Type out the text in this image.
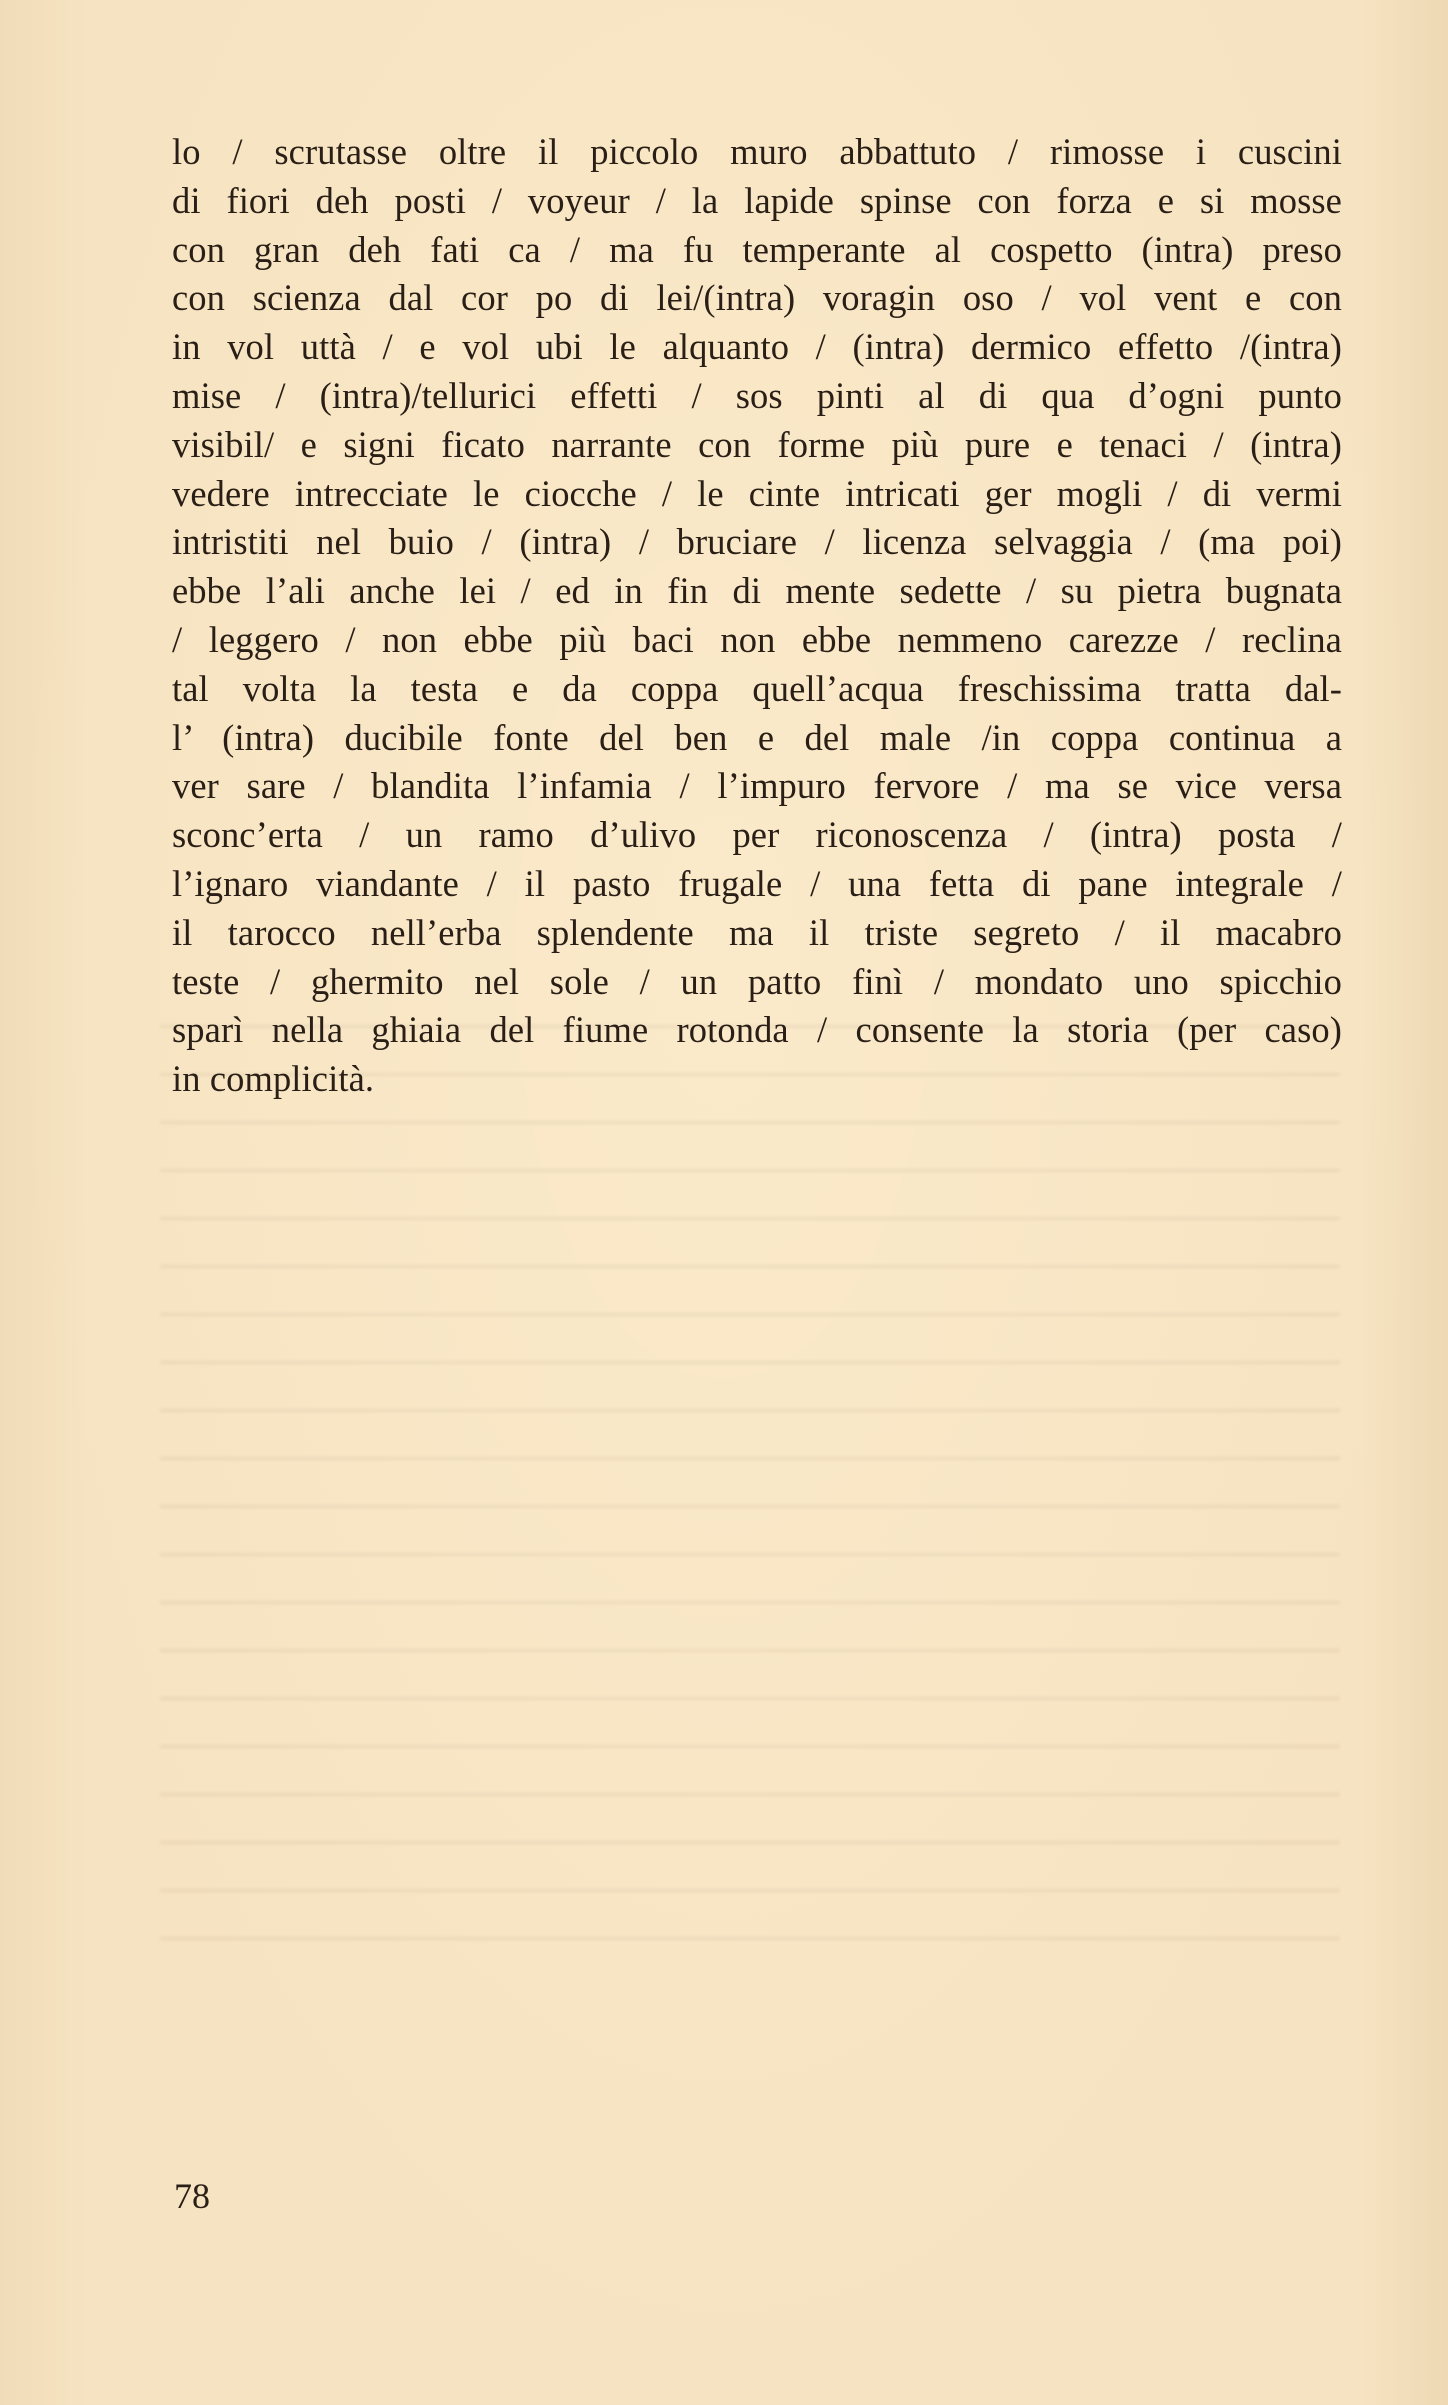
lo / scrutasse oltre il piccolo muro abbattuto / rimosse i cuscini
di fiori deh posti / voyeur / la lapide spinse con forza e si mosse
con gran deh fati ca / ma fu temperante al cospetto (intra) preso
con scienza dal cor po di lei/(intra) voragin oso / vol vent e con
in vol uttà / e vol ubi le alquanto / (intra) dermico effetto /(intra)
mise / (intra)/tellurici effetti / sos pinti al di qua d’ogni punto
visibil/ e signi ficato narrante con forme più pure e tenaci / (intra)
vedere intrecciate le ciocche / le cinte intricati ger mogli / di vermi
intristiti nel buio / (intra) / bruciare / licenza selvaggia / (ma poi)
ebbe l’ali anche lei / ed in fin di mente sedette / su pietra bugnata
/ leggero / non ebbe più baci non ebbe nemmeno carezze / reclina
tal volta la testa e da coppa quell’acqua freschissima tratta dal-
l’ (intra) ducibile fonte del ben e del male /in coppa continua a
ver sare / blandita l’infamia / l’impuro fervore / ma se vice versa
sconc’erta / un ramo d’ulivo per riconoscenza / (intra) posta /
l’ignaro viandante / il pasto frugale / una fetta di pane integrale /
il tarocco nell’erba splendente ma il triste segreto / il macabro
teste / ghermito nel sole / un patto finì / mondato uno spicchio
sparì nella ghiaia del fiume rotonda / consente la storia (per caso)
in complicità.
78
